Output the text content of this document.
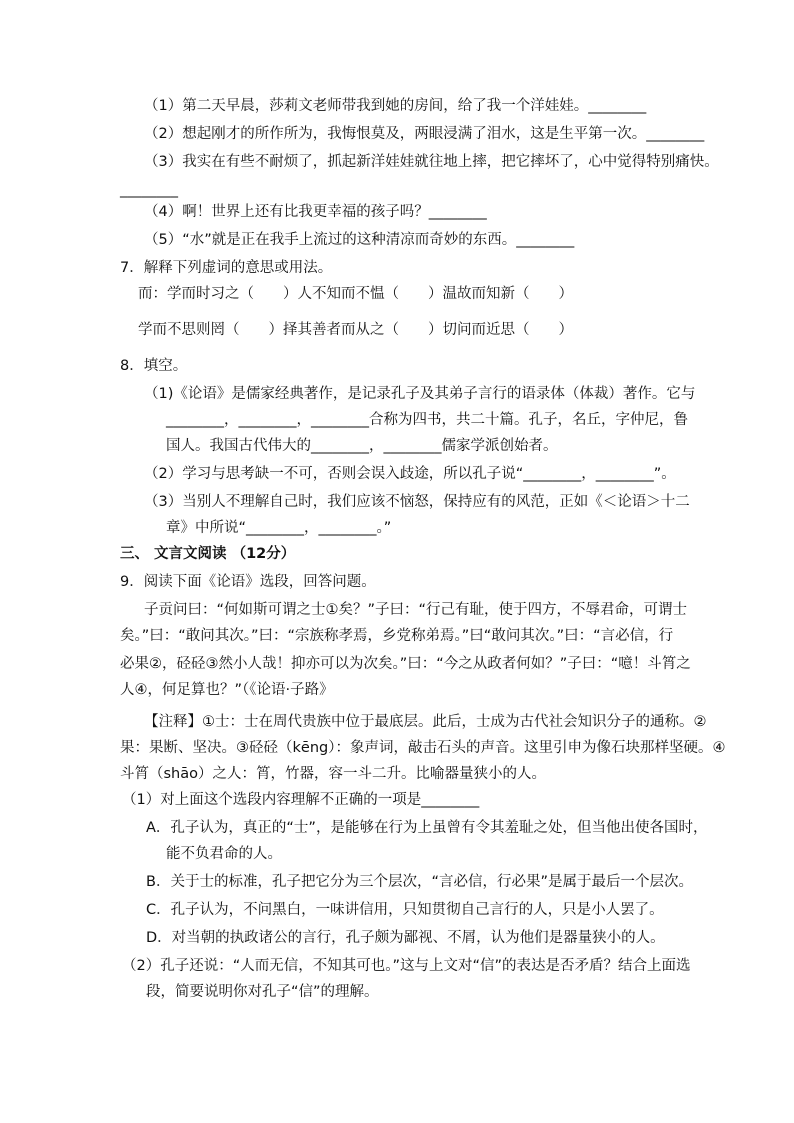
（1）第二天早晨，莎莉文老师带我到她的房间，给了我一个洋娃娃。________
（2）想起刚才的所作所为，我悔恨莫及，两眼浸满了泪水，这是生平第一次。________
（3）我实在有些不耐烦了，抓起新洋娃娃就往地上摔，把它摔坏了，心中觉得特别痛快。
________
（4）啊！世界上还有比我更幸福的孩子吗？________
（5）“水”就是正在我手上流过的这种清凉而奇妙的东西。________
7．解释下列虚词的意思或用法。
而：学而时习之（　　）人不知而不愠（　　）温故而知新（　　）
学而不思则罔（　　）择其善者而从之（　　）切问而近思（　　）
8．填空。
（1)《论语》是儒家经典著作，是记录孔子及其弟子言行的语录体（体裁）著作。它与
________，________，________合称为四书，共二十篇。孔子，名丘，字仲尼，鲁
国人。我国古代伟大的________，________儒家学派创始者。
（2）学习与思考缺一不可，否则会误入歧途，所以孔子说“________，________”。
（3）当别人不理解自己时，我们应该不恼怒，保持应有的风范，正如《＜论语＞十二
章》中所说“________，________。”
三、 文言文阅读 （12分）
9．阅读下面《论语》选段，回答问题。
子贡问曰：“何如斯可谓之士①矣？”子曰：“行己有耻，使于四方，不辱君命，可谓士
矣。”曰：“敢问其次。”曰：“宗族称孝焉，乡党称弟焉。”曰“敢问其次。”曰：“言必信，行
必果②，硁硁③然小人哉！抑亦可以为次矣。”曰：“今之从政者何如？”子曰：“噫！斗筲之
人④，何足算也？”（《论语·子路》
【注释】①士：士在周代贵族中位于最底层。此后，士成为古代社会知识分子的通称。②
果：果断、坚决。③硁硁（kēng）：象声词，敲击石头的声音。这里引申为像石块那样坚硬。④
斗筲（shāo）之人：筲，竹器，容一斗二升。比喻器量狭小的人。
（1）对上面这个选段内容理解不正确的一项是________
A．孔子认为，真正的“士”，是能够在行为上虽曾有令其羞耻之处，但当他出使各国时，
能不负君命的人。
B．关于士的标准，孔子把它分为三个层次，“言必信，行必果”是属于最后一个层次。
C．孔子认为，不问黑白，一味讲信用，只知贯彻自己言行的人，只是小人罢了。
D．对当朝的执政诸公的言行，孔子颇为鄙视、不屑，认为他们是器量狭小的人。
（2）孔子还说：“人而无信，不知其可也。”这与上文对“信”的表达是否矛盾？结合上面选
段，简要说明你对孔子“信”的理解。
